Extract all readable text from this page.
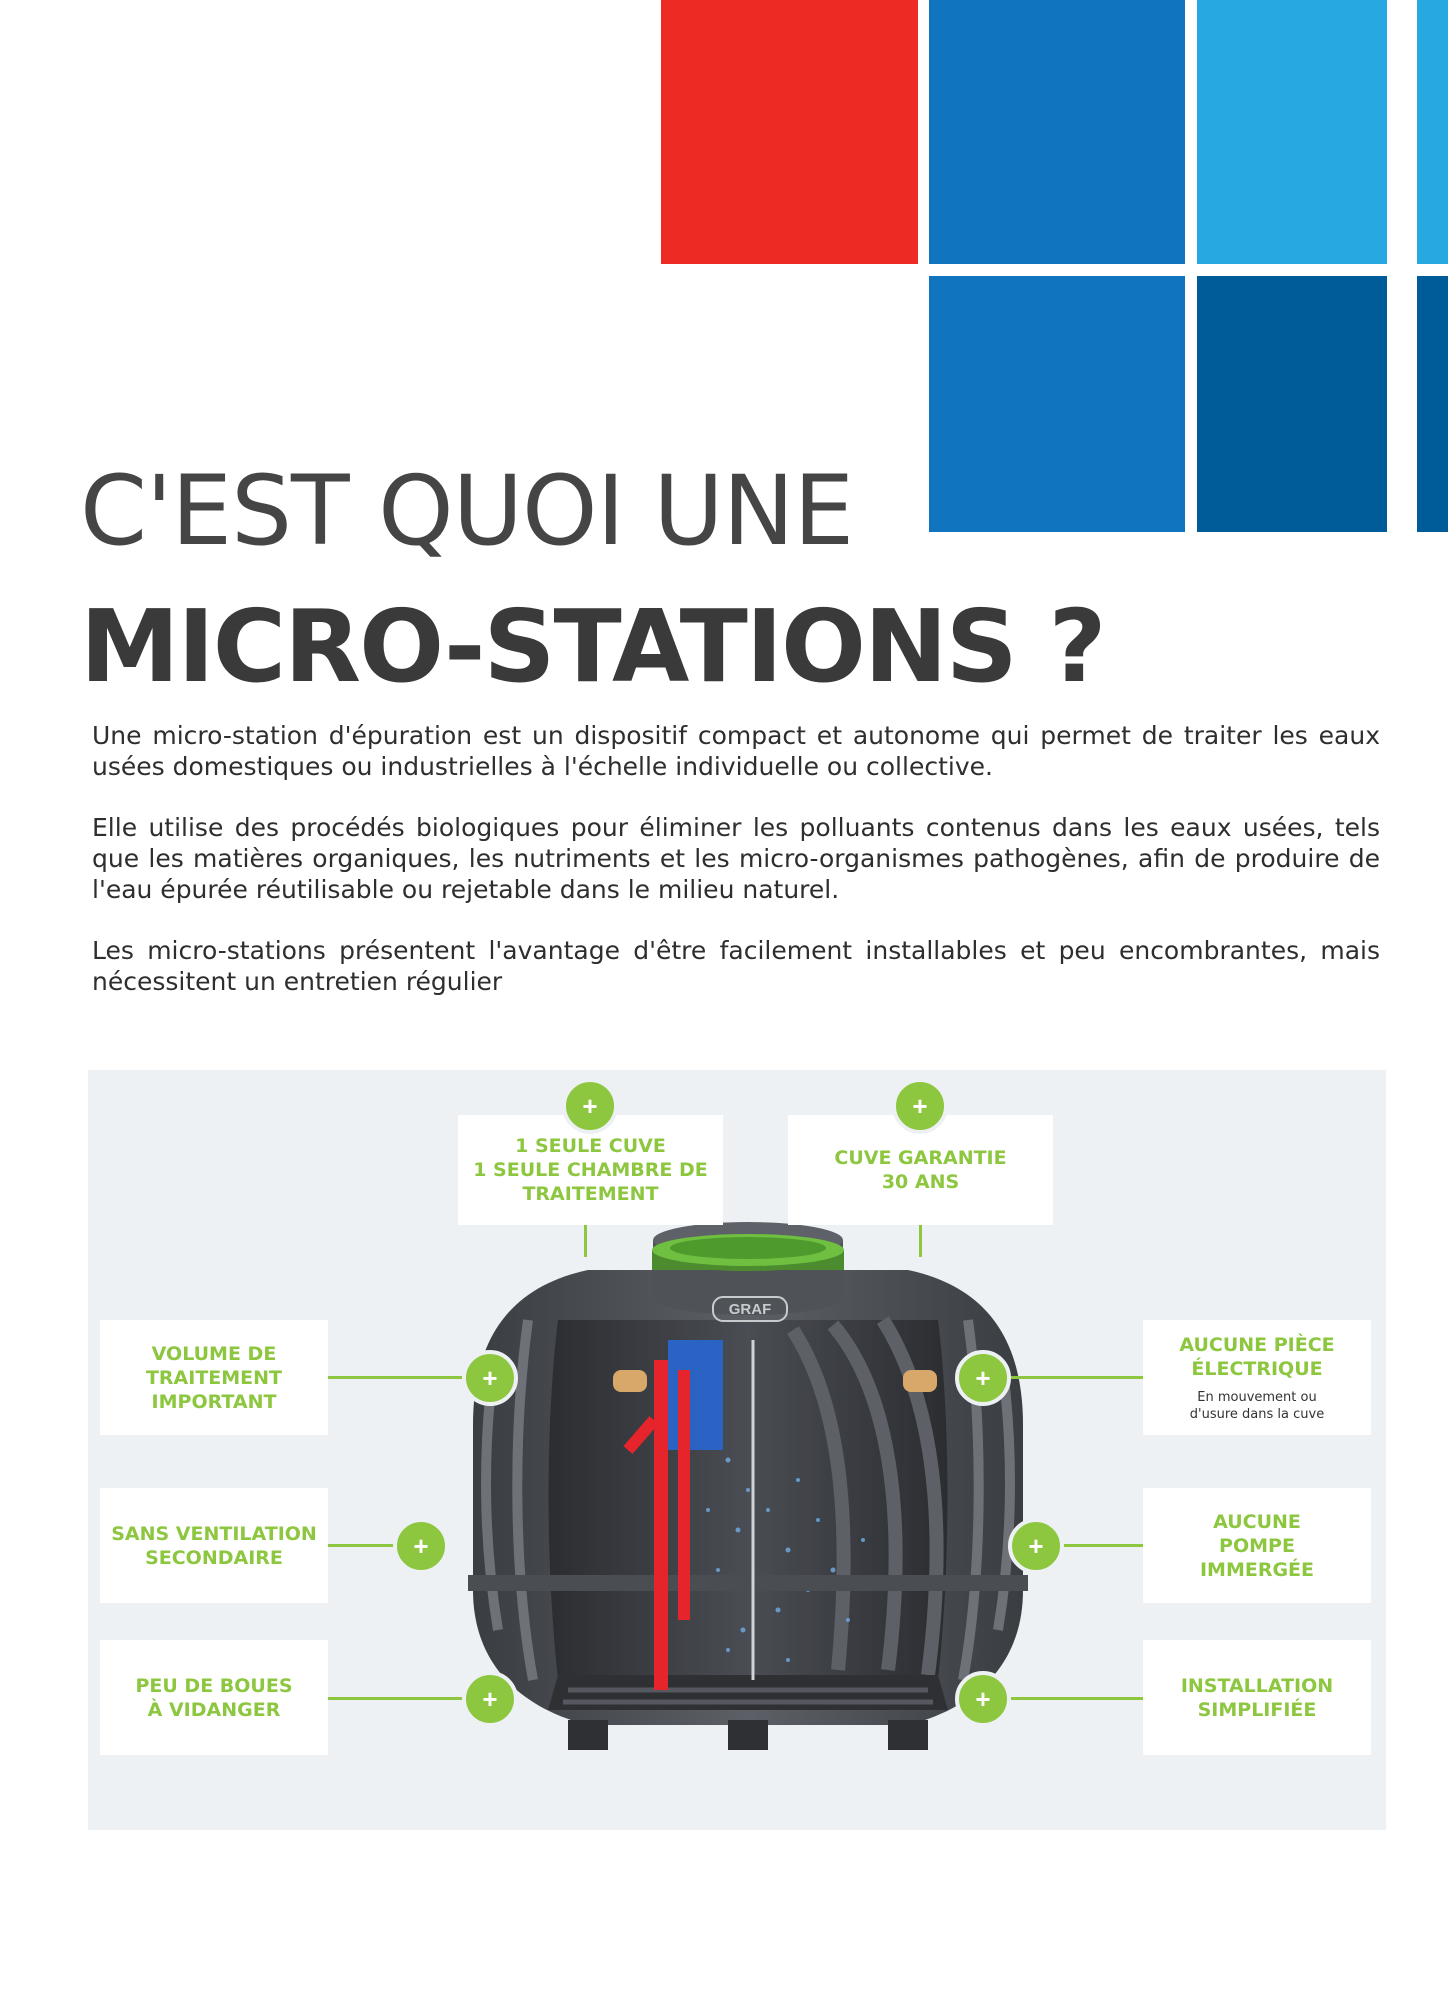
C'EST QUOI UNE
MICRO-STATIONS ?

Une micro-station d'épuration est un dispositif compact et autonome qui permet de traiter les eaux usées domestiques ou industrielles à l'échelle individuelle ou collective.

Elle utilise des procédés biologiques pour éliminer les polluants contenus dans les eaux usées, tels que les matières organiques, les nutriments et les micro-organismes pathogènes, afin de produire de l'eau épurée réutilisable ou rejetable dans le milieu naturel.

Les micro-stations présentent l'avantage d'être facilement installables et peu encombrantes, mais nécessitent un entretien régulier

GRAF
1 SEULE CUVE
1 SEULE CHAMBRE DE
TRAITEMENT
+
CUVE GARANTIE
30 ANS
+
VOLUME DE
TRAITEMENT
IMPORTANT
+
SANS VENTILATION
SECONDAIRE	+
PEU DE BOUES
À VIDANGER	+
AUCUNE PIÈCE
ÉLECTRIQUE
En mouvement ou
d'usure dans la cuve
+
AUCUNE
POMPE
IMMERGÉE
+
INSTALLATION
SIMPLIFIÉE
+
